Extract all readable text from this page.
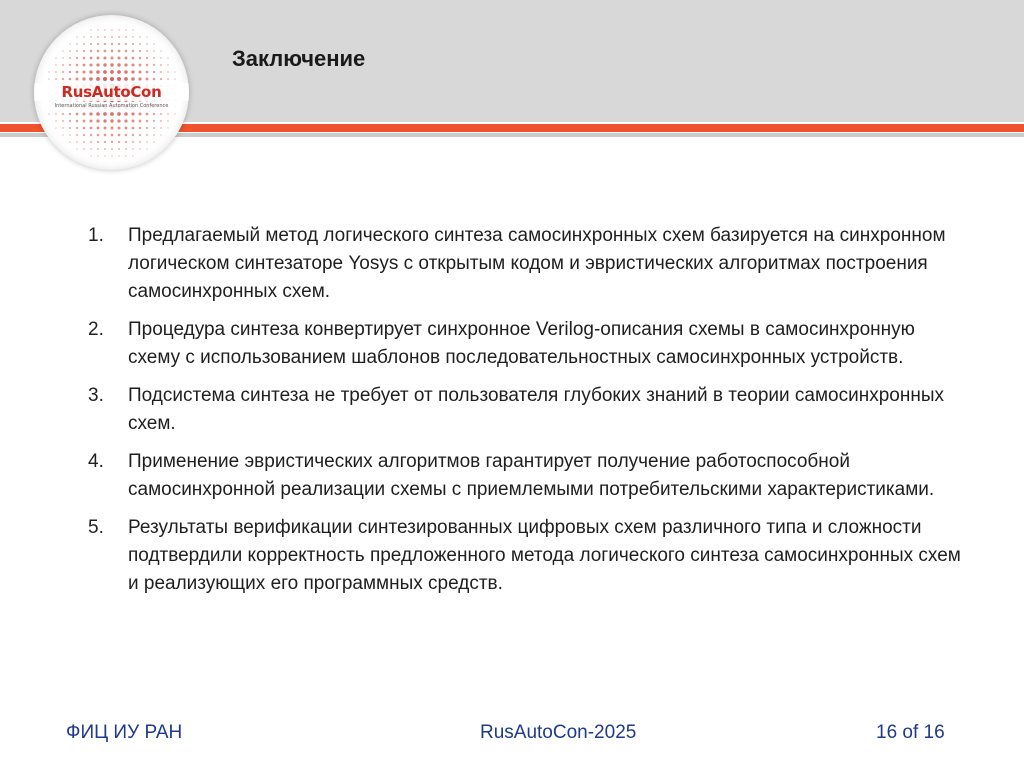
RusAutoCon
International Russian Automation Conference
Заключение
1.	Предлагаемый метод логического синтеза самосинхронных схем базируется на синхронном логическом синтезаторе Yosys с открытым кодом и эвристических алгоритмах построения самосинхронных схем.
2.	Процедура синтеза конвертирует синхронное Verilog-описания схемы в самосинхронную схему с использованием шаблонов последовательностных самосинхронных устройств.
3.	Подсистема синтеза не требует от пользователя глубоких знаний в теории самосинхронных схем.
4.	Применение эвристических алгоритмов гарантирует получение работоспособной самосинхронной реализации схемы с приемлемыми потребительскими характеристиками.
5.	Результаты верификации синтезированных цифровых схем различного типа и сложности подтвердили корректность предложенного метода логического синтеза самосинхронных схем и реализующих его программных средств.
ФИЦ ИУ РАН	RusAutoCon-2025	16 of 16
